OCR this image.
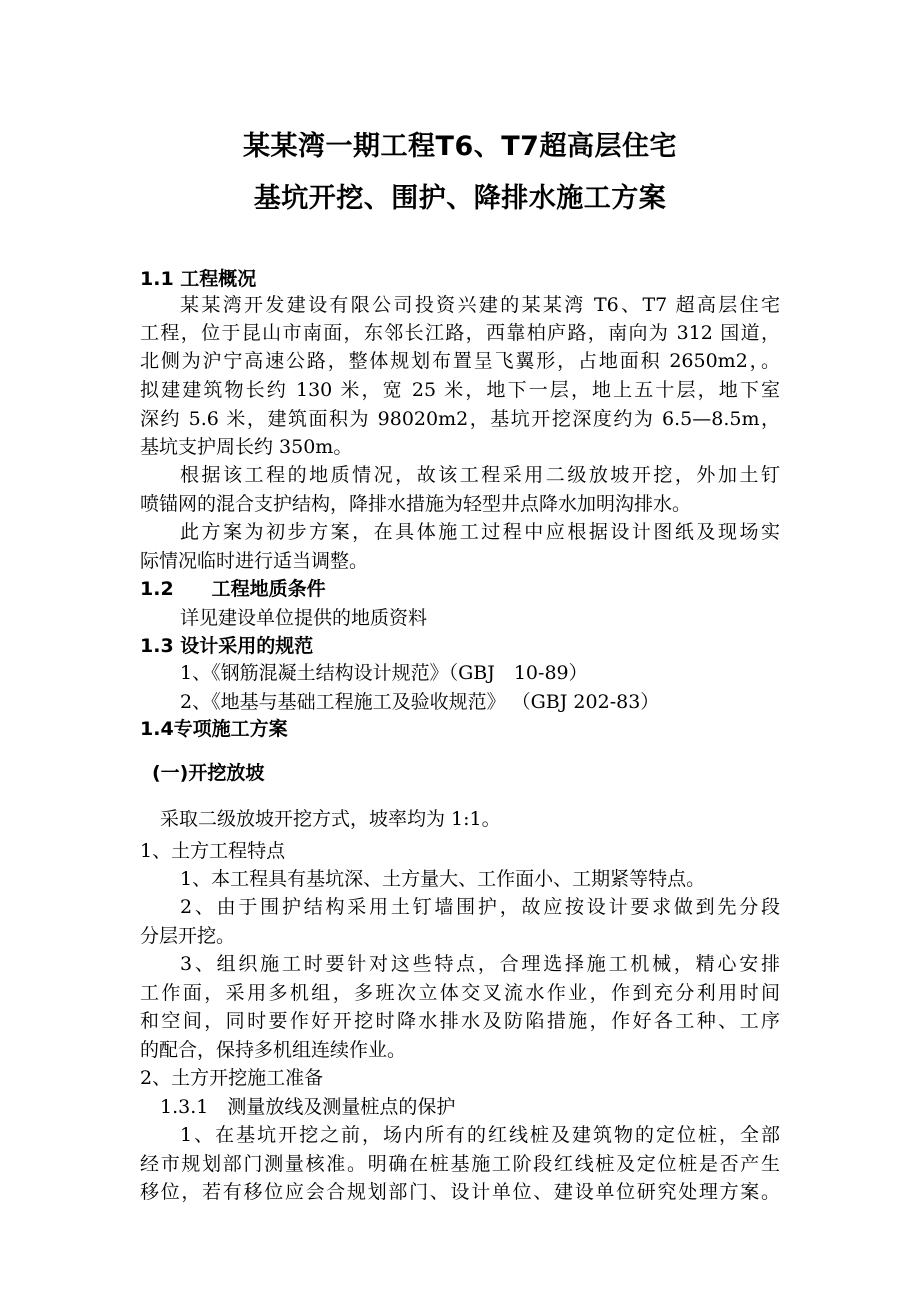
某某湾一期工程T6、T7超高层住宅
基坑开挖、围护、降排水施工方案
1.1 工程概况
某某湾开发建设有限公司投资兴建的某某湾 T6、T7 超高层住宅
工程，位于昆山市南面，东邻长江路，西靠柏庐路，南向为 312 国道，
北侧为沪宁高速公路，整体规划布置呈飞翼形，占地面积 2650m2，。
拟建建筑物长约 130 米，宽 25 米，地下一层，地上五十层，地下室
深约 5.6 米，建筑面积为 98020m2，基坑开挖深度约为 6.5—8.5m，
基坑支护周长约 350m。
根据该工程的地质情况，故该工程采用二级放坡开挖，外加土钉
喷锚网的混合支护结构，降排水措施为轻型井点降水加明沟排水。
此方案为初步方案，在具体施工过程中应根据设计图纸及现场实
际情况临时进行适当调整。
1.2　　工程地质条件
详见建设单位提供的地质资料
1.3 设计采用的规范
1、《钢筋混凝土结构设计规范》（GBJ　10-89）
2、《地基与基础工程施工及验收规范》 （GBJ 202-83）
1.4专项施工方案
(一)开挖放坡
采取二级放坡开挖方式，坡率均为 1:1。
1、土方工程特点
1、本工程具有基坑深、土方量大、工作面小、工期紧等特点。
2、由于围护结构采用土钉墙围护，故应按设计要求做到先分段
分层开挖。
3、组织施工时要针对这些特点，合理选择施工机械，精心安排
工作面，采用多机组，多班次立体交叉流水作业，作到充分利用时间
和空间，同时要作好开挖时降水排水及防陷措施，作好各工种、工序
的配合，保持多机组连续作业。
2、土方开挖施工准备
1.3.1　测量放线及测量桩点的保护
1、在基坑开挖之前，场内所有的红线桩及建筑物的定位桩，全部
经市规划部门测量核准。明确在桩基施工阶段红线桩及定位桩是否产生
移位，若有移位应会合规划部门、设计单位、建设单位研究处理方案。
